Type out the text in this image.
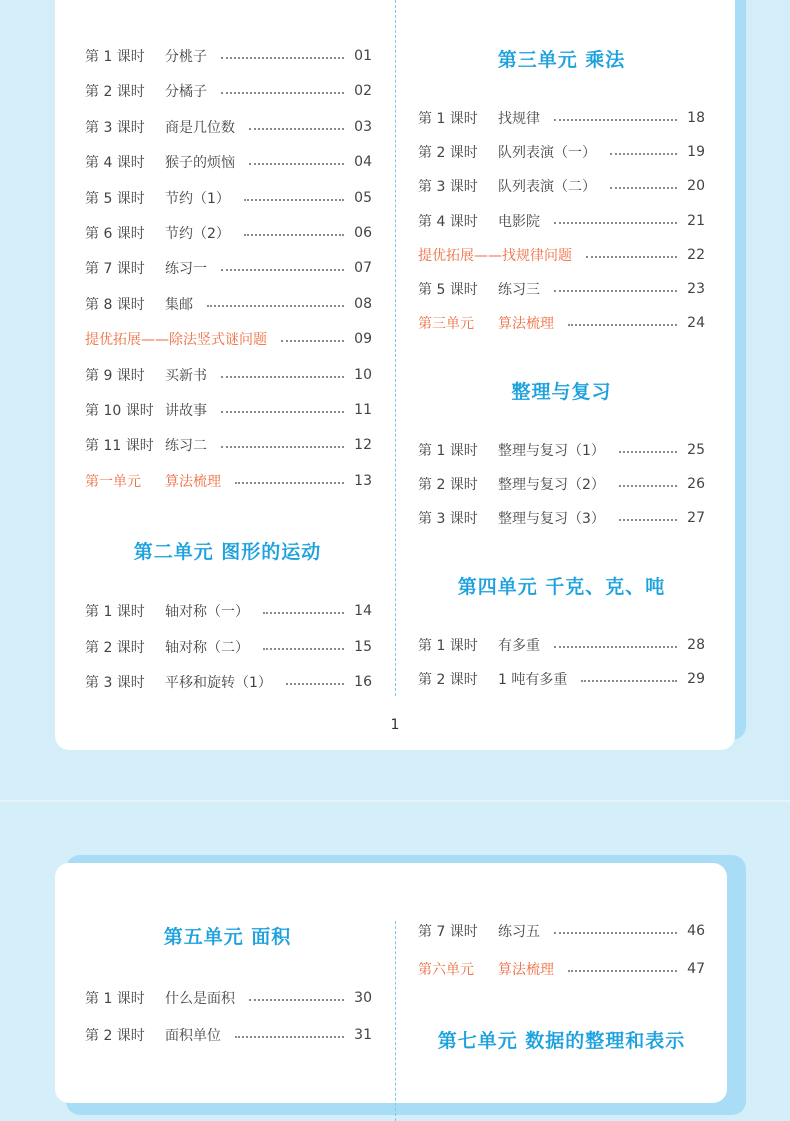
第 1 课时	分桃子	01
第 2 课时	分橘子	02
第 3 课时	商是几位数	03
第 4 课时	猴子的烦恼	04
第 5 课时	节约（1）	05
第 6 课时	节约（2）	06
第 7 课时	练习一	07
第 8 课时	集邮	08
提优拓展——除法竖式谜问题	09
第 9 课时	买新书	10
第 10 课时 讲故事	11
第 11 课时 练习二	12
第一单元	算法梳理	13
第二单元 图形的运动
第 1 课时	轴对称（一）	14
第 2 课时	轴对称（二）	15
第 3 课时	平移和旋转（1）	16
第三单元 乘法
第 1 课时	找规律	18
第 2 课时	队列表演（一）	19
第 3 课时	队列表演（二）	20
第 4 课时	电影院	21
提优拓展——找规律问题	22
第 5 课时	练习三	23
第三单元	算法梳理	24
整理与复习
第 1 课时	整理与复习（1）	25
第 2 课时	整理与复习（2）	26
第 3 课时	整理与复习（3）	27
第四单元 千克、克、吨
第 1 课时	有多重	28
第 2 课时	1 吨有多重	29
1
第五单元 面积
第 1 课时	什么是面积	30
第 2 课时	面积单位	31
第 7 课时	练习五	46
第六单元	算法梳理	47
第七单元 数据的整理和表示
